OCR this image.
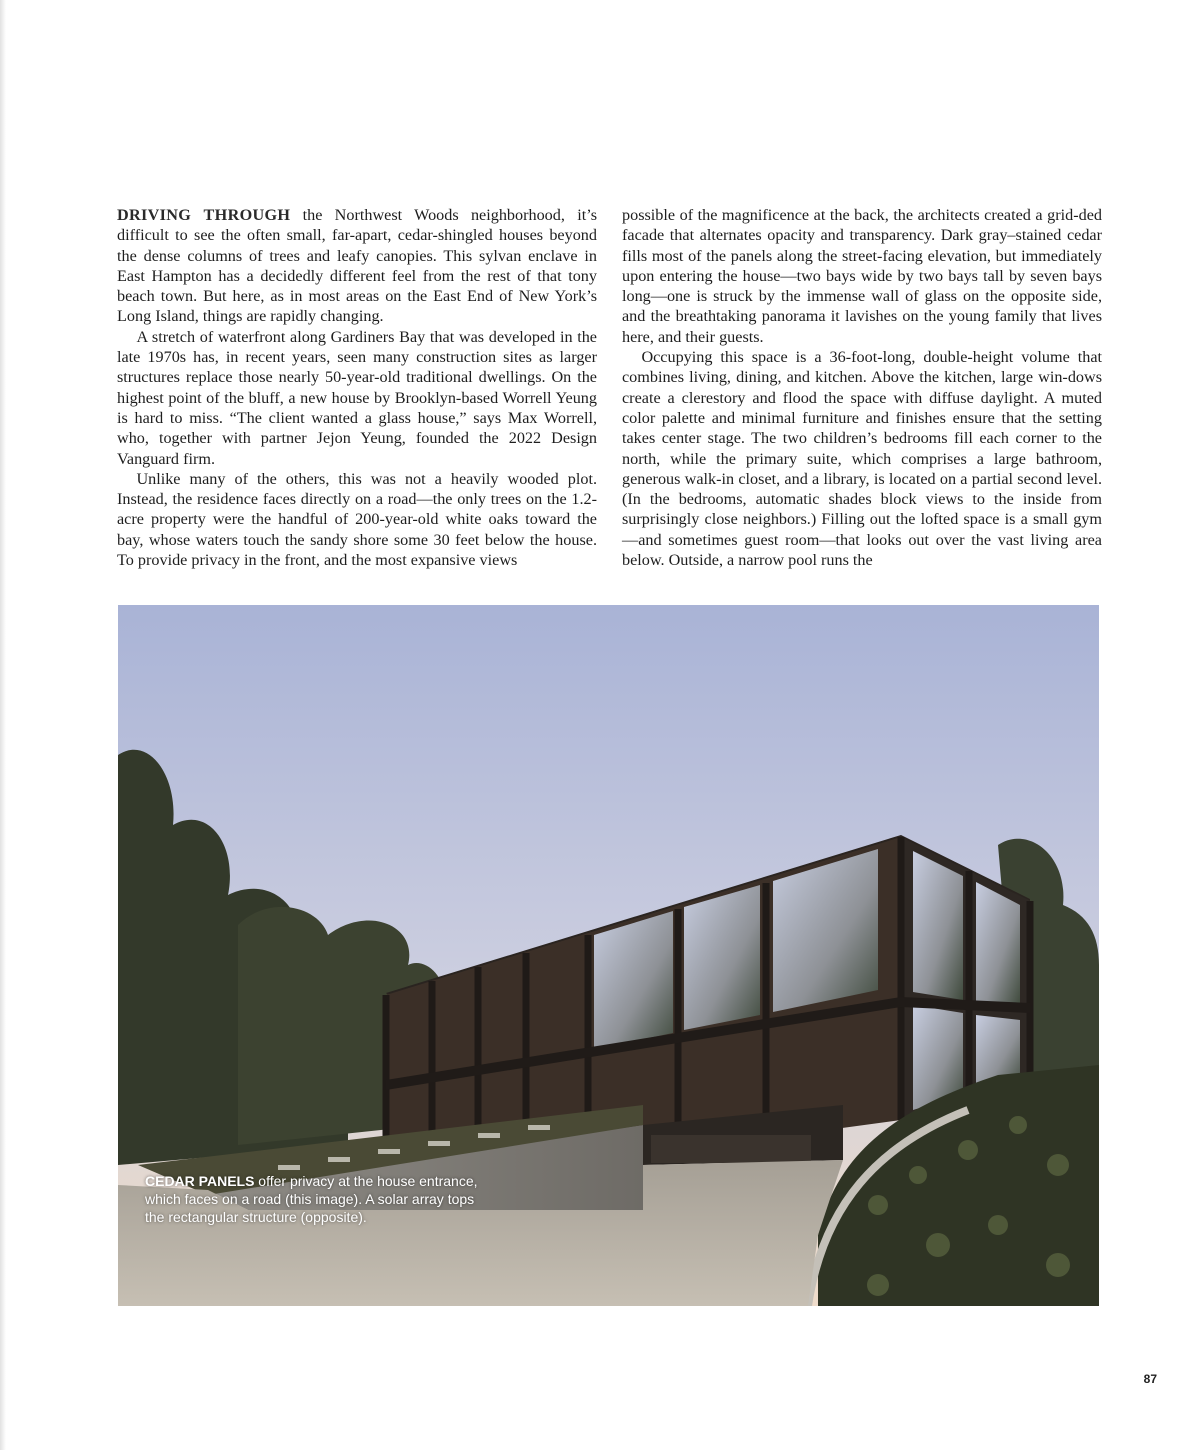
DRIVING THROUGH the Northwest Woods neighborhood, it’s difficult to see the often small, far-apart, cedar-shingled houses beyond the dense columns of trees and leafy canopies. This sylvan enclave in East Hampton has a decidedly different feel from the rest of that tony beach town. But here, as in most areas on the East End of New York’s Long Island, things are rapidly changing.

A stretch of waterfront along Gardiners Bay that was developed in the late 1970s has, in recent years, seen many construction sites as larger structures replace those nearly 50-year-old traditional dwellings. On the highest point of the bluff, a new house by Brooklyn-based Worrell Yeung is hard to miss. “The client wanted a glass house,” says Max Worrell, who, together with partner Jejon Yeung, founded the 2022 Design Vanguard firm.

Unlike many of the others, this was not a heavily wooded plot. Instead, the residence faces directly on a road—the only trees on the 1.2-acre property were the handful of 200-year-old white oaks toward the bay, whose waters touch the sandy shore some 30 feet below the house. To provide privacy in the front, and the most expansive views

possible of the magnificence at the back, the architects created a grid-ded facade that alternates opacity and transparency. Dark gray–stained cedar fills most of the panels along the street-facing elevation, but immediately upon entering the house—two bays wide by two bays tall by seven bays long—one is struck by the immense wall of glass on the opposite side, and the breathtaking panorama it lavishes on the young family that lives here, and their guests.

Occupying this space is a 36-foot-long, double-height volume that combines living, dining, and kitchen. Above the kitchen, large win-dows create a clerestory and flood the space with diffuse daylight. A muted color palette and minimal furniture and finishes ensure that the setting takes center stage. The two children’s bedrooms fill each corner to the north, while the primary suite, which comprises a large bathroom, generous walk-in closet, and a library, is located on a partial second level. (In the bedrooms, automatic shades block views to the inside from surprisingly close neighbors.) Filling out the lofted space is a small gym—and sometimes guest room—that looks out over the vast living area below. Outside, a narrow pool runs the

CEDAR PANELS offer privacy at the house entrance, which faces on a road (this image). A solar array tops the rectangular structure (opposite).
87
